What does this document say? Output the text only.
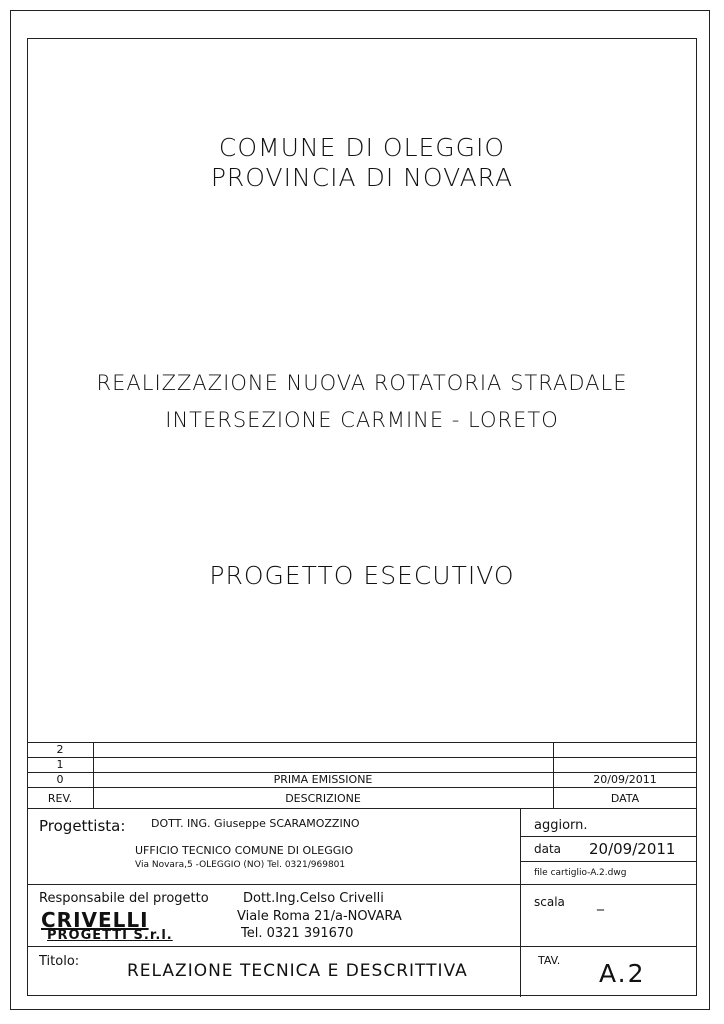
COMUNE DI OLEGGIO
PROVINCIA DI NOVARA
REALIZZAZIONE NUOVA ROTATORIA STRADALE
INTERSEZIONE CARMINE - LORETO
PROGETTO ESECUTIVO
2
1
0	PRIMA EMISSIONE	20/09/2011
REV.	DESCRIZIONE	DATA
Progettista: DOTT. ING. Giuseppe SCARAMOZZINO
UFFICIO TECNICO COMUNE DI OLEGGIO
Via Novara,5 -OLEGGIO (NO) Tel. 0321/969801
aggiorn.
data 20/09/2011
file cartiglio-A.2.dwg
Responsabile del progetto	Dott.Ing.Celso Crivelli
Viale Roma 21/a-NOVARA
Tel. 0321 391670
CRIVELLI
PROGETTI S.r.l.
scala _
Titolo:	RELAZIONE TECNICA E DESCRITTIVA
TAV. A.2
